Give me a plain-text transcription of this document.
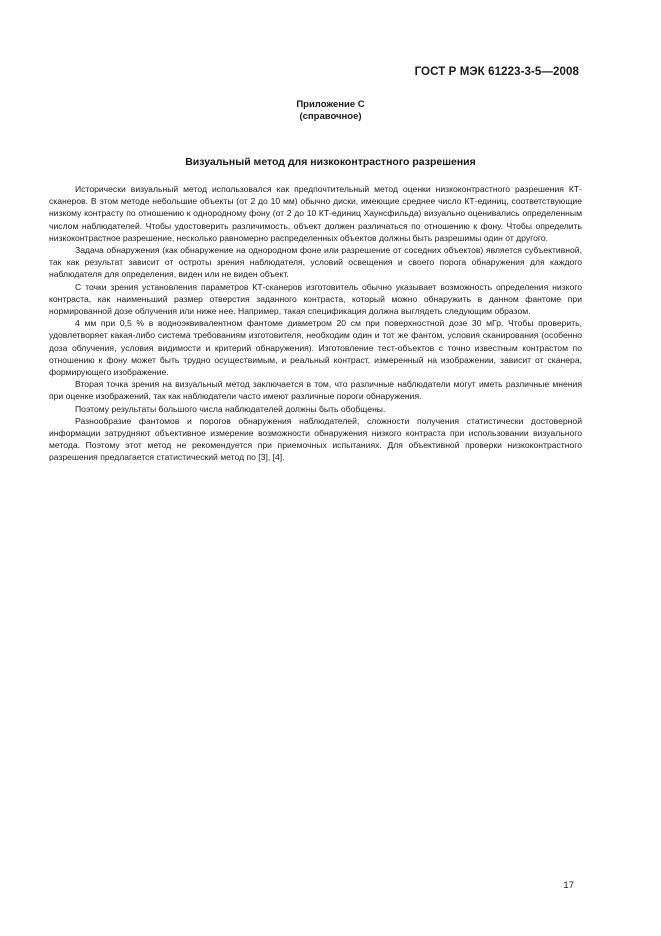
ГОСТ Р МЭК 61223-3-5—2008
Приложение С
(справочное)
Визуальный метод для низкоконтрастного разрешения

Исторически визуальный метод использовался как предпочтительный метод оценки низкоконтрастного разрешения КТ-сканеров. В этом методе небольшие объекты (от 2 до 10 мм) обычно диски, имеющие среднее число КТ-единиц, соответствующие низкому контрасту по отношению к однородному фону (от 2 до 10 КТ-единиц Хаунсфильда) визуально оценивались определенным числом наблюдателей. Чтобы удостоверить различимость, объект должен различаться по отношению к фону. Чтобы определить низкоконтрастное разрешение, несколько равномерно распределенных объектов должны быть разрешимы один от другого.

Задача обнаружения (как обнаружение на однородном фоне или разрешение от соседних объектов) является субъективной, так как результат зависит от остроты зрения наблюдателя, условий освещения и своего порога обнаружения для каждого наблюдателя для определения, виден или не виден объект.

С точки зрения установления параметров КТ-сканеров изготовитель обычно указывает возможность определения низкого контраста, как наименьший размер отверстия заданного контраста, который можно обнаружить в данном фантоме при нормированной дозе облучения или ниже нее. Например, такая спецификация должна выглядеть следующим образом.

4 мм при 0,5 % в водноэквивалентном фантоме диаметром 20 см при поверхностной дозе 30 мГр. Чтобы проверить, удовлетворяет какая-либо система требованиям изготовителя, необходим один и тот же фантом, условия сканирования (особенно доза облучения, условия видимости и критерий обнаружения). Изготовление тест-объектов с точно известным контрастом по отношению к фону может быть трудно осуществимым, и реальный контраст, измеренный на изображении, зависит от сканера, формирующего изображение.

Вторая точка зрения на визуальный метод заключается в том, что различные наблюдатели могут иметь различные мнения при оценке изображений, так как наблюдатели часто имеют различные пороги обнаружения.

Поэтому результаты большого числа наблюдателей должны быть обобщены.

Разнообразие фантомов и порогов обнаружения наблюдателей, сложности получения статистически достоверной информации затрудняют объективное измерение возможности обнаружения низкого контраста при использовании визуального метода. Поэтому этот метод не рекомендуется при приемочных испытаниях. Для объективной проверки низкоконтрастного разрешения предлагается статистический метод по [3], [4].

17
